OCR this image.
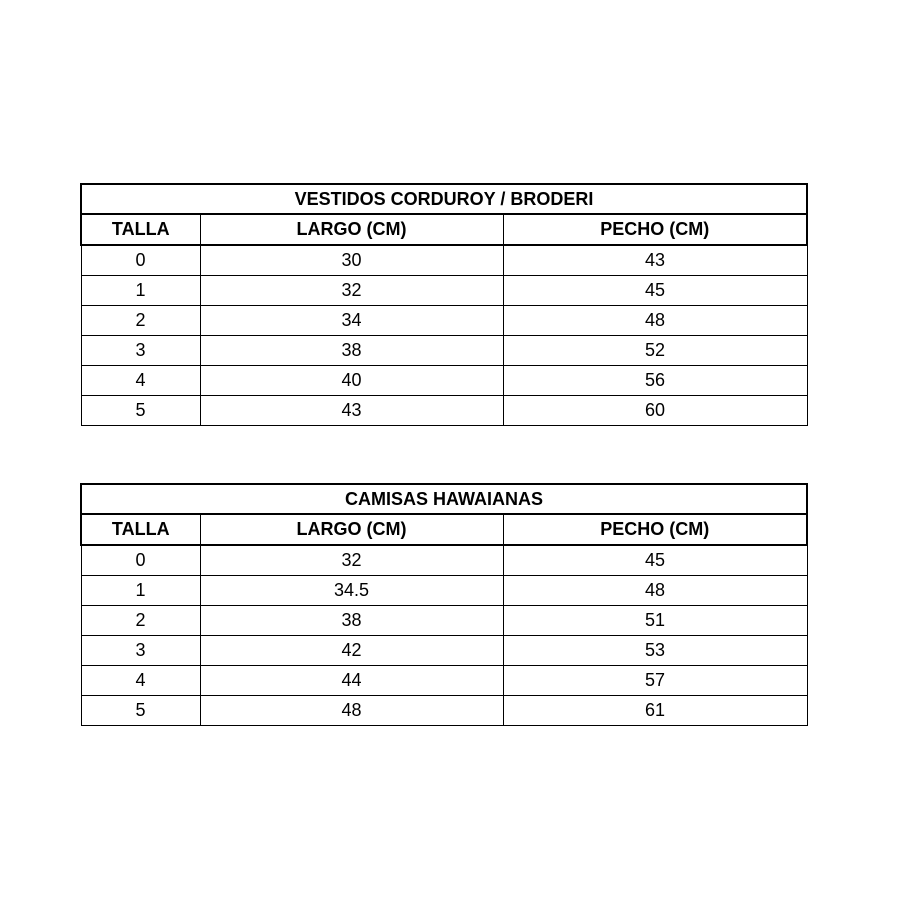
VESTIDOS CORDUROY / BRODERI		
TALLA	LARGO (CM)	PECHO (CM)
0	30	43
1	32	45
2	34	48
3	38	52
4	40	56
5	43	60
CAMISAS HAWAIANAS		
TALLA	LARGO (CM)	PECHO (CM)
0	32	45
1	34.5	48
2	38	51
3	42	53
4	44	57
5	48	61
